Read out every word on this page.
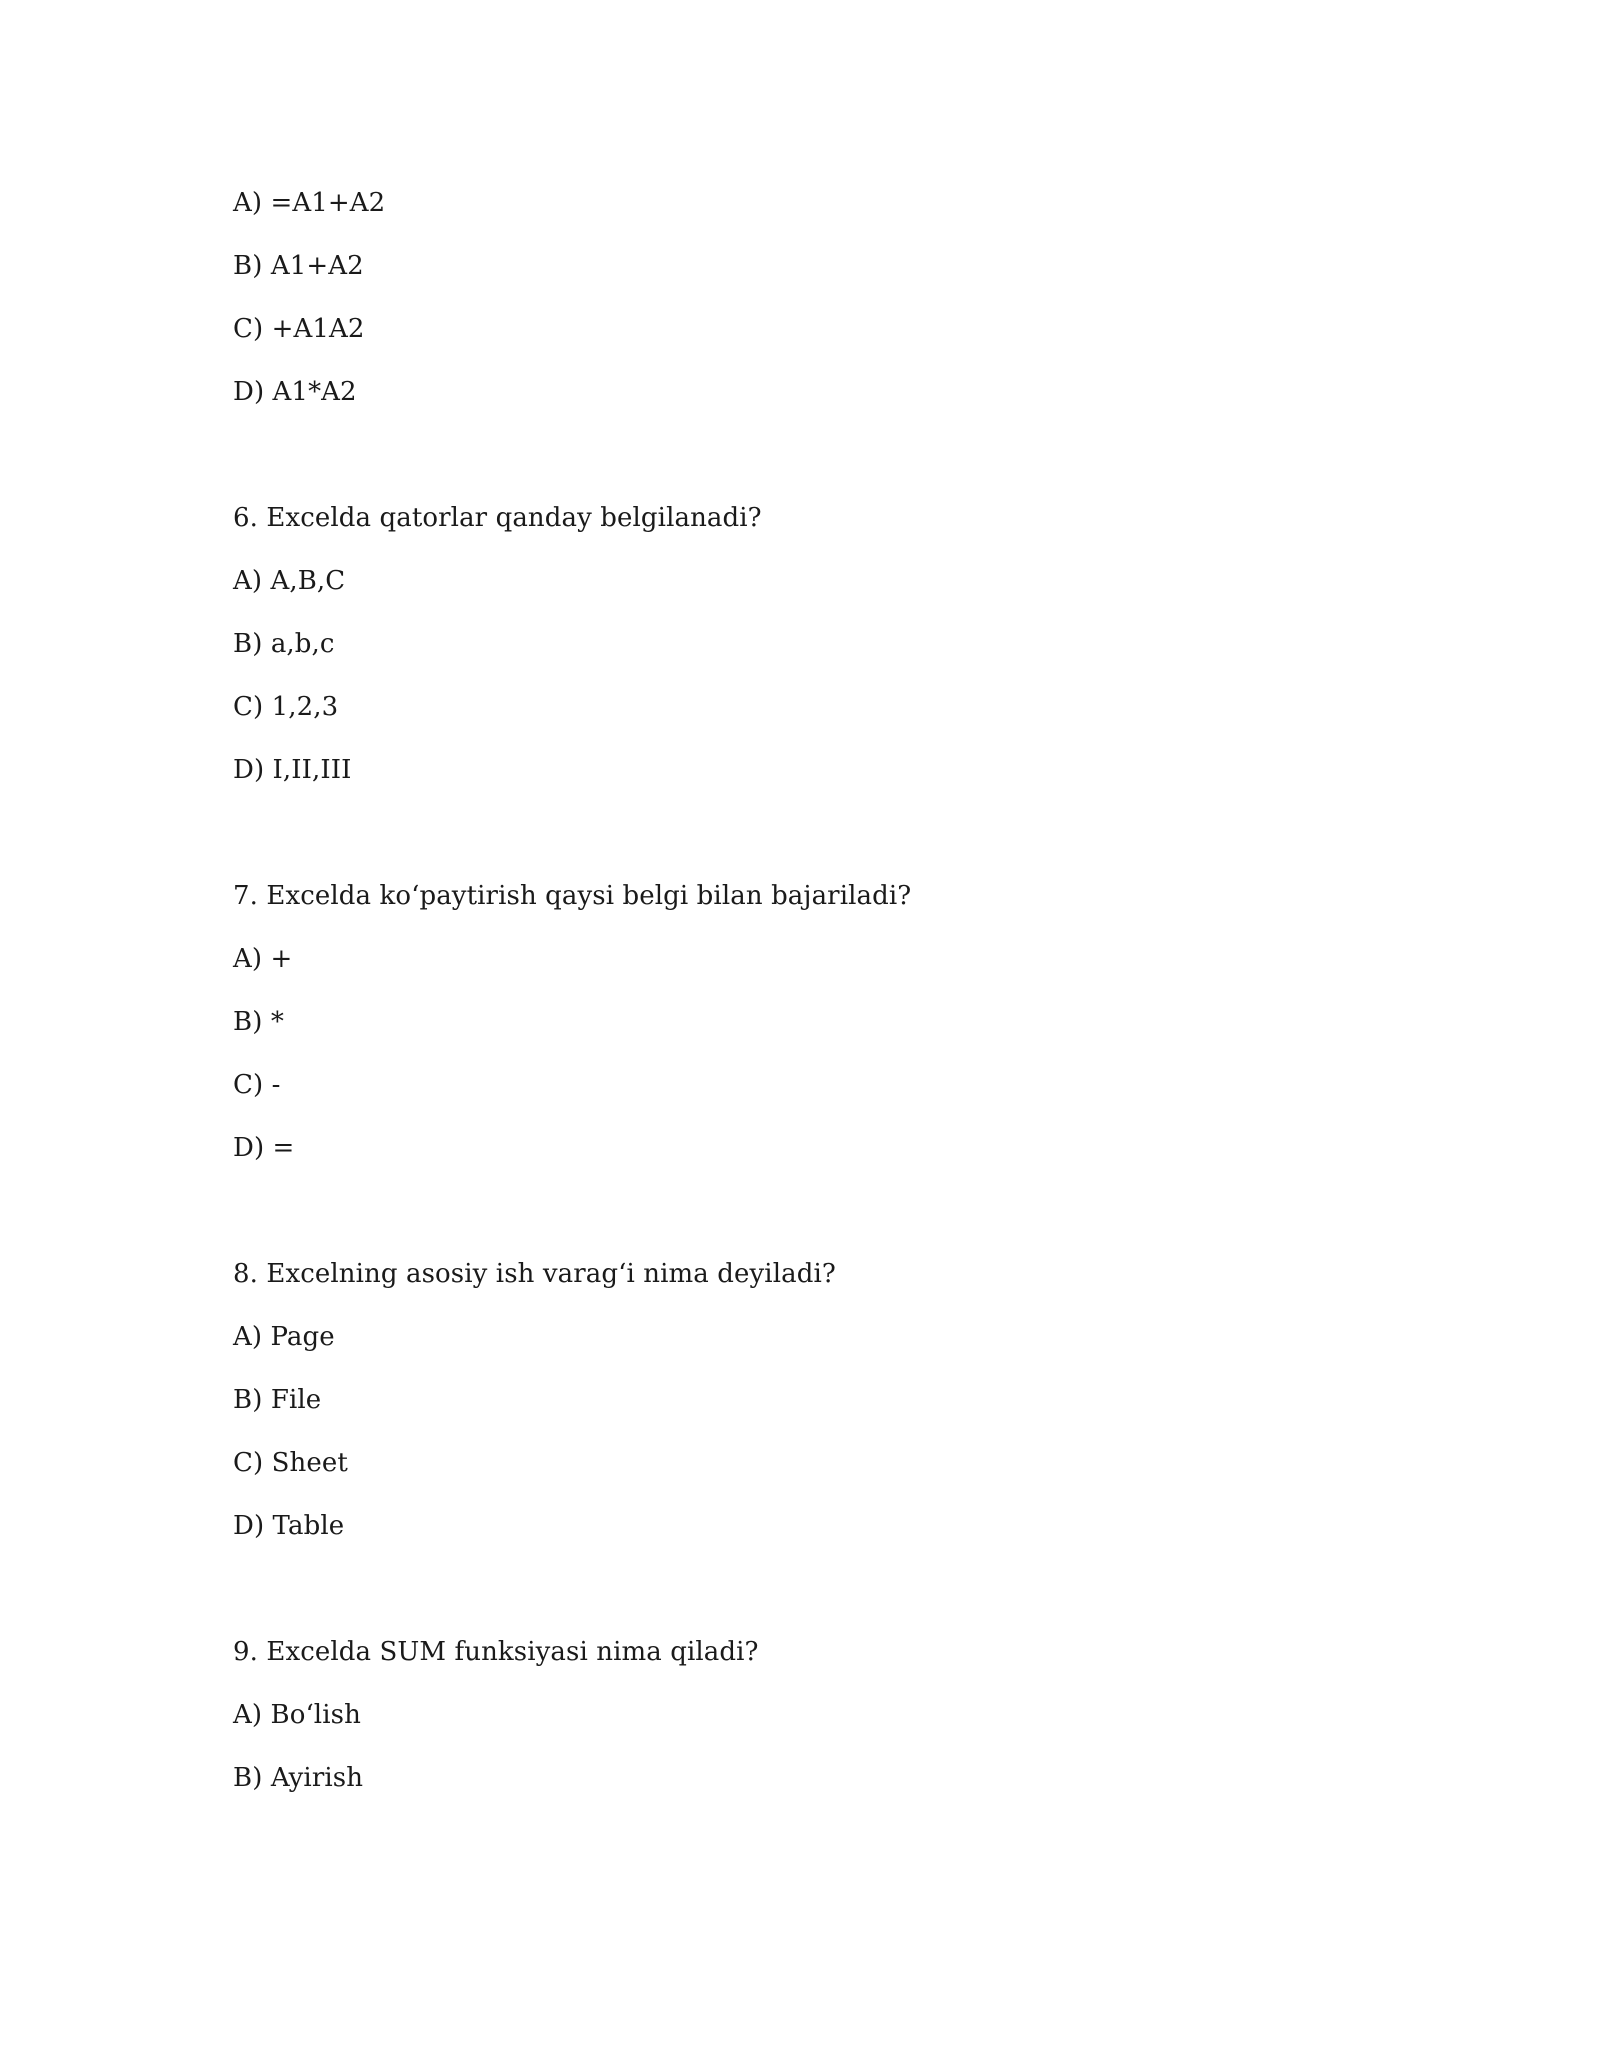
A) =A1+A2
B) A1+A2
C) +A1A2
D) A1*A2
6. Excelda qatorlar qanday belgilanadi?
A) A,B,C
B) a,b,c
C) 1,2,3
D) I,II,III
7. Excelda ko‘paytirish qaysi belgi bilan bajariladi?
A) +
B) *
C) -
D) =
8. Excelning asosiy ish varag‘i nima deyiladi?
A) Page
B) File
C) Sheet
D) Table
9. Excelda SUM funksiyasi nima qiladi?
A) Bo‘lish
B) Ayirish
